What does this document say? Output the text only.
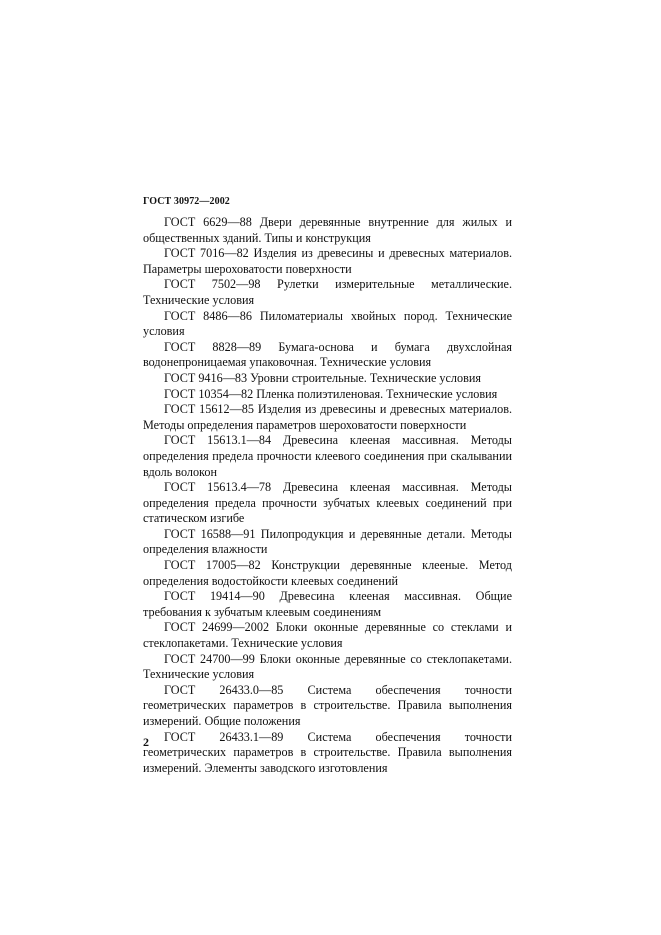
ГОСТ 30972—2002

ГОСТ 6629—88 Двери деревянные внутренние для жилых и общественных зданий. Типы и конструкция

ГОСТ 7016—82 Изделия из древесины и древесных материалов. Параметры шероховатости поверхности

ГОСТ 7502—98 Рулетки измерительные металлические. Технические условия

ГОСТ 8486—86 Пиломатериалы хвойных пород. Технические условия

ГОСТ 8828—89 Бумага-основа и бумага двухслойная водонепроницаемая упаковочная. Технические условия

ГОСТ 9416—83 Уровни строительные. Технические условия

ГОСТ 10354—82 Пленка полиэтиленовая. Технические условия

ГОСТ 15612—85 Изделия из древесины и древесных материалов. Методы определения параметров шероховатости поверхности

ГОСТ 15613.1—84 Древесина клееная массивная. Методы определения предела прочности клеевого соединения при скалывании вдоль волокон

ГОСТ 15613.4—78 Древесина клееная массивная. Методы определения предела прочности зубчатых клеевых соединений при статическом изгибе

ГОСТ 16588—91 Пилопродукция и деревянные детали. Методы определения влажности

ГОСТ 17005—82 Конструкции деревянные клееные. Метод определения водостойкости клеевых соединений

ГОСТ 19414—90 Древесина клееная массивная. Общие требования к зубчатым клеевым соединениям

ГОСТ 24699—2002 Блоки оконные деревянные со стеклами и стеклопакетами. Технические условия

ГОСТ 24700—99 Блоки оконные деревянные со стеклопакетами. Технические условия

ГОСТ 26433.0—85 Система обеспечения точности геометрических параметров в строительстве. Правила выполнения измерений. Общие положения

ГОСТ 26433.1—89 Система обеспечения точности геометрических параметров в строительстве. Правила выполнения измерений. Элементы заводского изготовления

2
